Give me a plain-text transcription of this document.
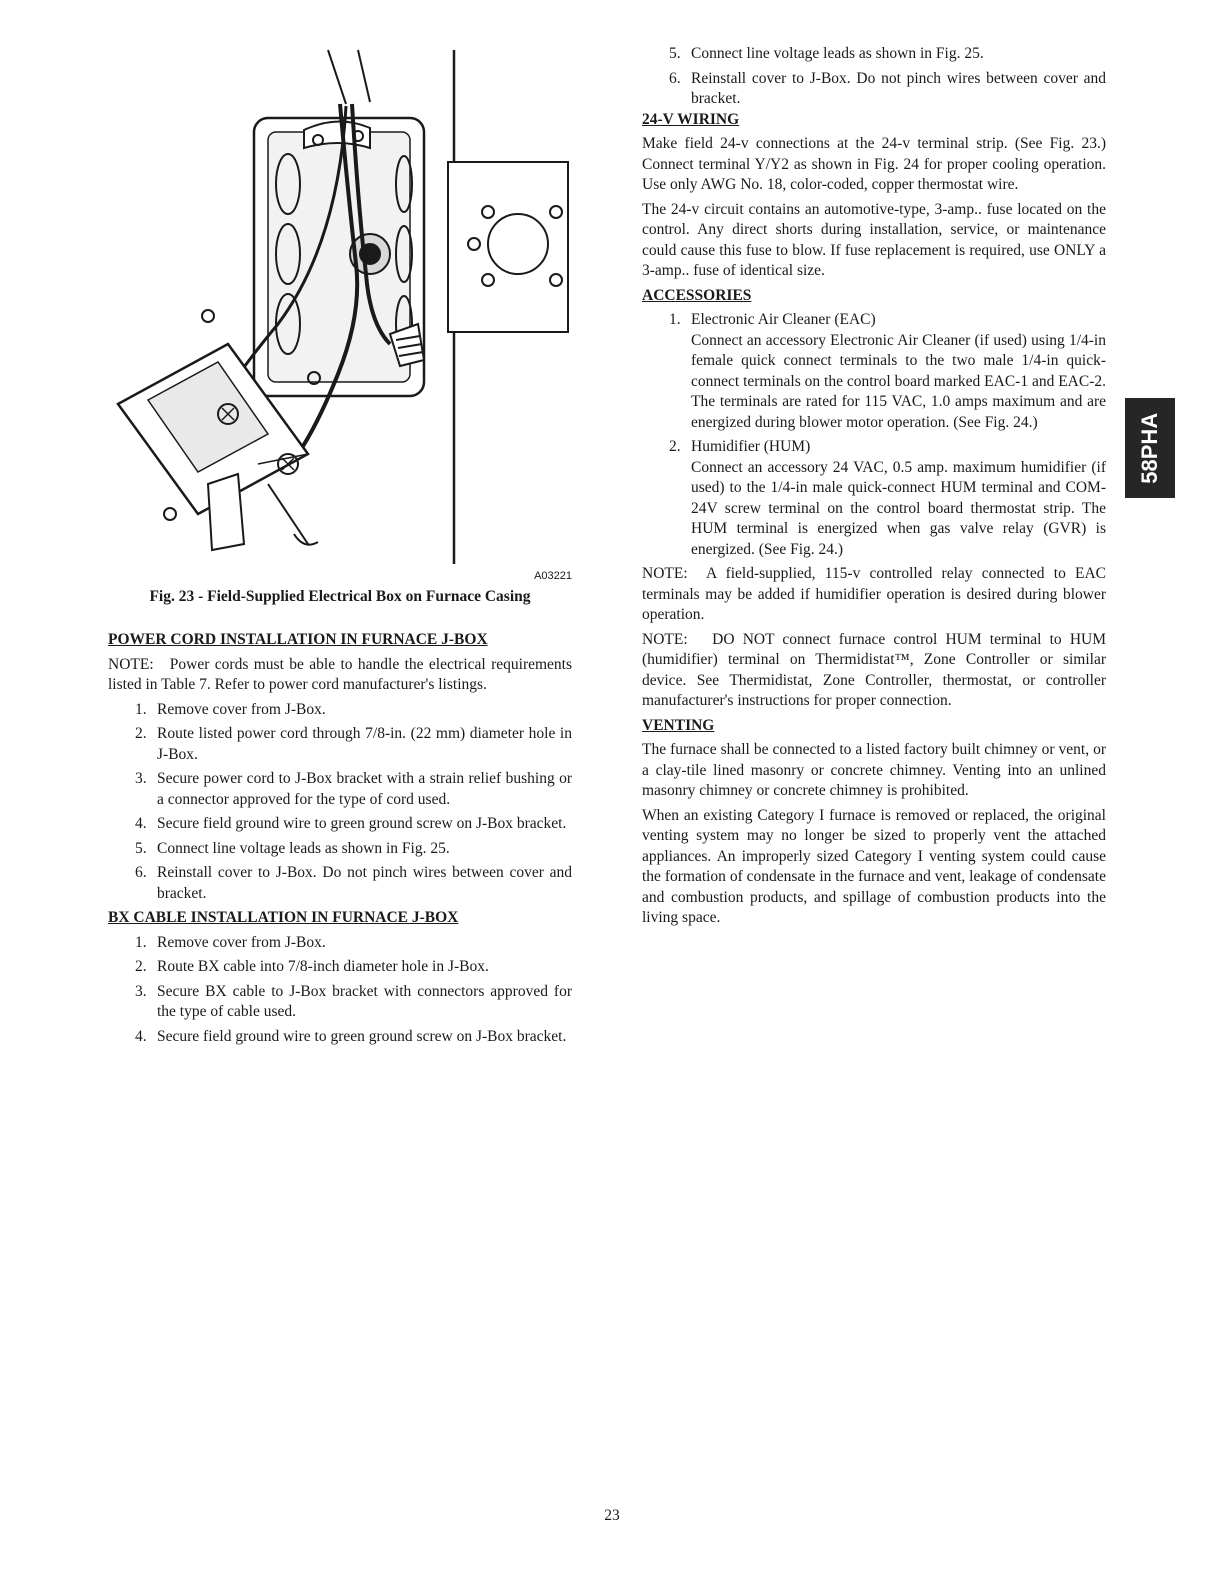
A03221
Fig. 23 - Field-Supplied Electrical Box on Furnace Casing
POWER CORD INSTALLATION IN FURNACE J-BOX

NOTE: Power cords must be able to handle the electrical requirements listed in Table 7. Refer to power cord manufacturer's listings.

1. Remove cover from J-Box.
2. Route listed power cord through 7/8-in. (22 mm) diameter hole in J-Box.
3. Secure power cord to J-Box bracket with a strain relief bushing or a connector approved for the type of cord used.
4. Secure field ground wire to green ground screw on J-Box bracket.
5. Connect line voltage leads as shown in Fig. 25.
6. Reinstall cover to J-Box. Do not pinch wires between cover and bracket.
BX CABLE INSTALLATION IN FURNACE J-BOX
1. Remove cover from J-Box.
2. Route BX cable into 7/8-inch diameter hole in J-Box.
3. Secure BX cable to J-Box bracket with connectors approved for the type of cable used.
4. Secure field ground wire to green ground screw on J-Box bracket.
5. Connect line voltage leads as shown in Fig. 25.
6. Reinstall cover to J-Box. Do not pinch wires between cover and bracket.
24-V WIRING

Make field 24-v connections at the 24-v terminal strip. (See Fig. 23.) Connect terminal Y/Y2 as shown in Fig. 24 for proper cooling operation. Use only AWG No. 18, color-coded, copper thermostat wire.

The 24-v circuit contains an automotive-type, 3-amp.. fuse located on the control. Any direct shorts during installation, service, or maintenance could cause this fuse to blow. If fuse replacement is required, use ONLY a 3-amp.. fuse of identical size.

ACCESSORIES
1. Electronic Air Cleaner (EAC)
Connect an accessory Electronic Air Cleaner (if used) using 1/4-in female quick connect terminals to the two male 1/4-in quick-connect terminals on the control board marked EAC-1 and EAC-2. The terminals are rated for 115 VAC, 1.0 amps maximum and are energized during blower motor operation. (See Fig. 24.)
2. Humidifier (HUM)
Connect an accessory 24 VAC, 0.5 amp. maximum humidifier (if used) to the 1/4-in male quick-connect HUM terminal and COM-24V screw terminal on the control board thermostat strip. The HUM terminal is energized when gas valve relay (GVR) is energized. (See Fig. 24.)

NOTE: A field-supplied, 115-v controlled relay connected to EAC terminals may be added if humidifier operation is desired during blower operation.

NOTE: DO NOT connect furnace control HUM terminal to HUM (humidifier) terminal on Thermidistat™, Zone Controller or similar device. See Thermidistat, Zone Controller, thermostat, or controller manufacturer's instructions for proper connection.

VENTING

The furnace shall be connected to a listed factory built chimney or vent, or a clay-tile lined masonry or concrete chimney. Venting into an unlined masonry chimney or concrete chimney is prohibited.

When an existing Category I furnace is removed or replaced, the original venting system may no longer be sized to properly vent the attached appliances. An improperly sized Category I venting system could cause the formation of condensate in the furnace and vent, leakage of condensate and combustion products, and spillage of combustion products into the living space.

58PHA
23
